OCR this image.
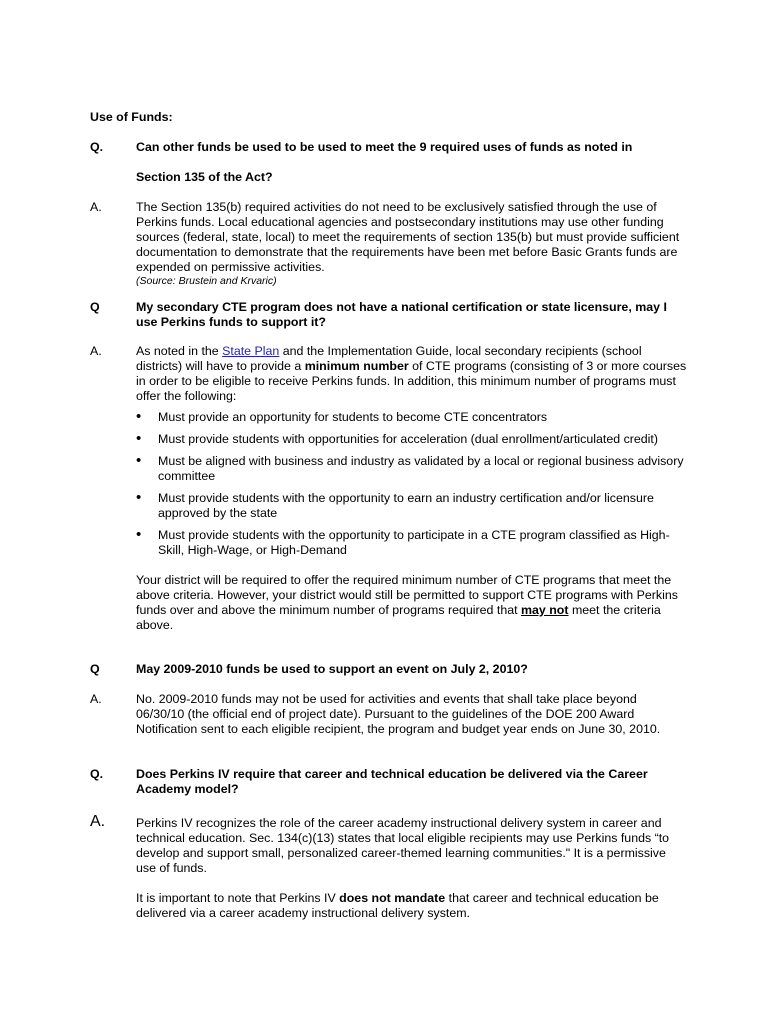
Use of Funds:
Q.	Can other funds be used to be used to meet the 9 required uses of funds as noted in
Section 135 of the Act?
A.	The Section 135(b) required activities do not need to be exclusively satisfied through the use of Perkins funds. Local educational agencies and postsecondary institutions may use other funding sources (federal, state, local) to meet the requirements of section 135(b) but must provide sufficient documentation to demonstrate that the requirements have been met before Basic Grants funds are expended on permissive activities.

(Source: Brustein and Krvaric)

Q	My secondary CTE program does not have a national certification or state licensure, may I use Perkins funds to support it?
A.	As noted in the State Plan and the Implementation Guide, local secondary recipients (school districts) will have to provide a minimum number of CTE programs (consisting of 3 or more courses in order to be eligible to receive Perkins funds. In addition, this minimum number of programs must offer the following:

• Must provide an opportunity for students to become CTE concentrators
• Must provide students with opportunities for acceleration (dual enrollment/articulated credit)
• Must be aligned with business and industry as validated by a local or regional business advisory committee
• Must provide students with the opportunity to earn an industry certification and/or licensure approved by the state
• Must provide students with the opportunity to participate in a CTE program classified as High-Skill, High-Wage, or High-Demand

Your district will be required to offer the required minimum number of CTE programs that meet the above criteria. However, your district would still be permitted to support CTE programs with Perkins funds over and above the minimum number of programs required that may not meet the criteria above.

Q	May 2009-2010 funds be used to support an event on July 2, 2010?
A.	No. 2009-2010 funds may not be used for activities and events that shall take place beyond 06/30/10 (the official end of project date). Pursuant to the guidelines of the DOE 200 Award Notification sent to each eligible recipient, the program and budget year ends on June 30, 2010.
Q.	Does Perkins IV require that career and technical education be delivered via the Career Academy model?
A. Perkins IV recognizes the role of the career academy instructional delivery system in career and technical education. Sec. 134(c)(13) states that local eligible recipients may use Perkins funds “to develop and support small, personalized career-themed learning communities." It is a permissive use of funds.

It is important to note that Perkins IV does not mandate that career and technical education be delivered via a career academy instructional delivery system.
